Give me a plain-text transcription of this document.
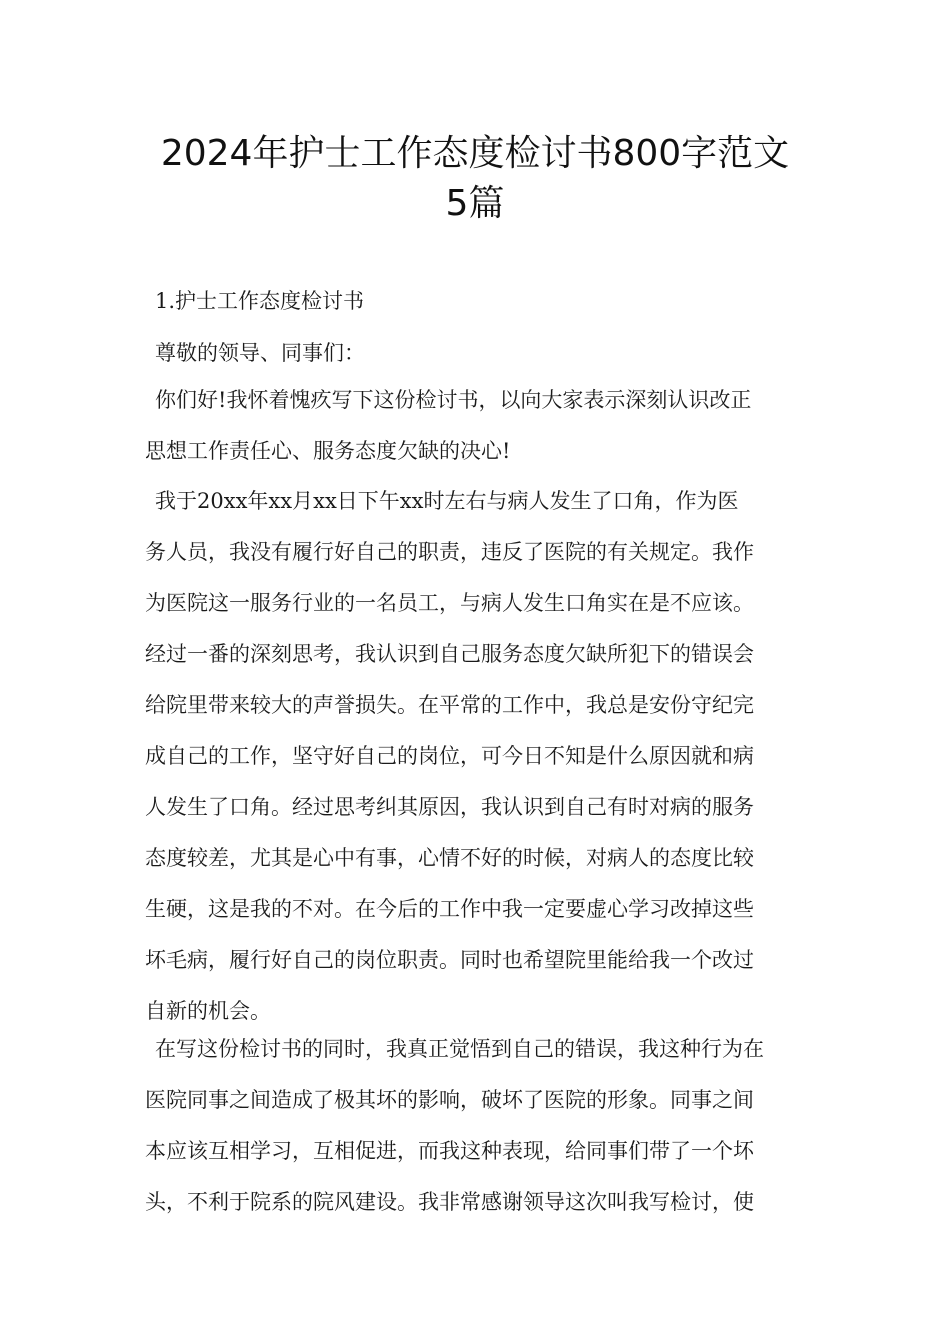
2024年护士工作态度检讨书800字范文
5篇

1.护士工作态度检讨书

尊敬的领导、同事们：

你们好!我怀着愧疚写下这份检讨书，以向大家表示深刻认识改正
思想工作责任心、服务态度欠缺的决心!
我于20xx年xx月xx日下午xx时左右与病人发生了口角，作为医
务人员，我没有履行好自己的职责，违反了医院的有关规定。我作
为医院这一服务行业的一名员工，与病人发生口角实在是不应该。
经过一番的深刻思考，我认识到自己服务态度欠缺所犯下的错误会
给院里带来较大的声誉损失。在平常的工作中，我总是安份守纪完
成自己的工作，坚守好自己的岗位，可今日不知是什么原因就和病
人发生了口角。经过思考纠其原因，我认识到自己有时对病的服务
态度较差，尤其是心中有事，心情不好的时候，对病人的态度比较
生硬，这是我的不对。在今后的工作中我一定要虚心学习改掉这些
坏毛病，履行好自己的岗位职责。同时也希望院里能给我一个改过
自新的机会。
在写这份检讨书的同时，我真正觉悟到自己的错误，我这种行为在
医院同事之间造成了极其坏的影响，破坏了医院的形象。同事之间
本应该互相学习，互相促进，而我这种表现，给同事们带了一个坏
头，不利于院系的院风建设。我非常感谢领导这次叫我写检讨，使
